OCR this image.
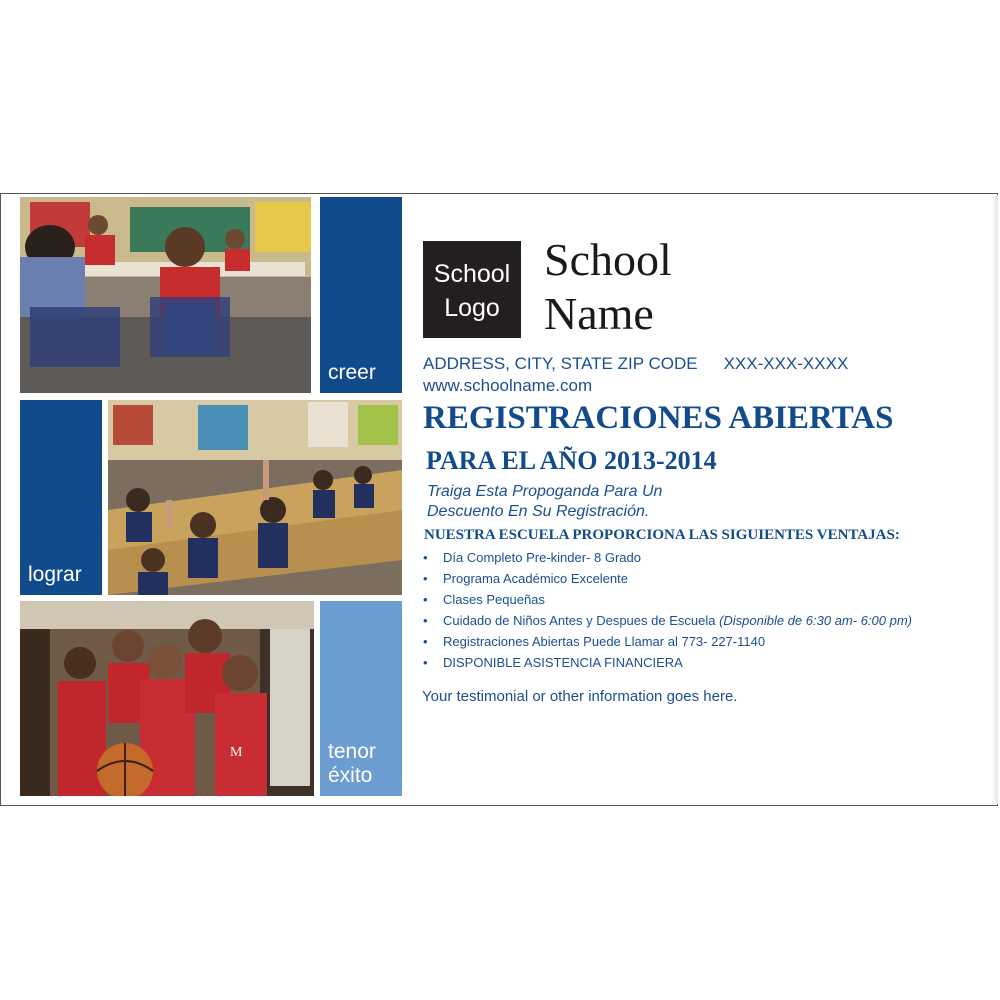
creer
lograr
M	tenor
éxito
School
Logo
School
Name
ADDRESS, CITY, STATE ZIP CODE XXX-XXX-XXXX
www.schoolname.com
REGISTRACIONES ABIERTAS
PARA EL AÑO 2013-2014
Traiga Esta Propoganda Para Un
Descuento En Su Registración.
NUESTRA ESCUELA PROPORCIONA LAS SIGUIENTES VENTAJAS:
• Día Completo Pre-kinder- 8 Grado
• Programa Académico Excelente
• Clases Pequeñas
• Cuidado de Niños Antes y Despues de Escuela (Disponible de 6:30 am- 6:00 pm)
• Registraciones Abiertas Puede Llamar al 773- 227-1140
• DISPONIBLE ASISTENCIA FINANCIERA
Your testimonial or other information goes here.
